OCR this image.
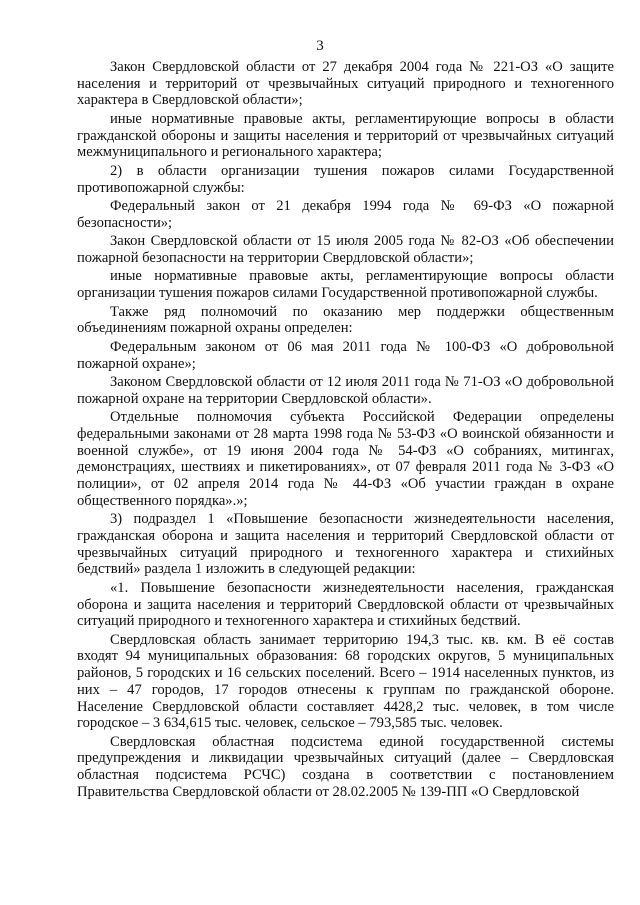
3

Закон Свердловской области от 27 декабря 2004 года № 221-ОЗ «О защите населения и территорий от чрезвычайных ситуаций природного и техногенного характера в Свердловской области»;

иные нормативные правовые акты, регламентирующие вопросы в области гражданской обороны и защиты населения и территорий от чрезвычайных ситуаций межмуниципального и регионального характера;

2) в области организации тушения пожаров силами Государственной противопожарной службы:

Федеральный закон от 21 декабря 1994 года № 69-ФЗ «О пожарной безопасности»;

Закон Свердловской области от 15 июля 2005 года № 82-ОЗ «Об обеспечении пожарной безопасности на территории Свердловской области»;

иные нормативные правовые акты, регламентирующие вопросы области организации тушения пожаров силами Государственной противопожарной службы.

Также ряд полномочий по оказанию мер поддержки общественным объединениям пожарной охраны определен:

Федеральным законом от 06 мая 2011 года № 100-ФЗ «О добровольной пожарной охране»;

Законом Свердловской области от 12 июля 2011 года № 71-ОЗ «О добровольной пожарной охране на территории Свердловской области».

Отдельные полномочия субъекта Российской Федерации определены федеральными законами от 28 марта 1998 года № 53-ФЗ «О воинской обязанности и военной службе», от 19 июня 2004 года № 54-ФЗ «О собраниях, митингах, демонстрациях, шествиях и пикетированиях», от 07 февраля 2011 года № 3-ФЗ «О полиции», от 02 апреля 2014 года № 44-ФЗ «Об участии граждан в охране общественного порядка».»;

3) подраздел 1 «Повышение безопасности жизнедеятельности населения, гражданская оборона и защита населения и территорий Свердловской области от чрезвычайных ситуаций природного и техногенного характера и стихийных бедствий» раздела 1 изложить в следующей редакции:

«1. Повышение безопасности жизнедеятельности населения, гражданская оборона и защита населения и территорий Свердловской области от чрезвычайных ситуаций природного и техногенного характера и стихийных бедствий.

Свердловская область занимает территорию 194,3 тыс. кв. км. В её состав входят 94 муниципальных образования: 68 городских округов, 5 муниципальных районов, 5 городских и 16 сельских поселений. Всего – 1914 населенных пунктов, из них – 47 городов, 17 городов отнесены к группам по гражданской обороне. Население Свердловской области составляет 4428,2 тыс. человек, в том числе городское – 3 634,615 тыс. человек, сельское – 793,585 тыс. человек.

Свердловская областная подсистема единой государственной системы предупреждения и ликвидации чрезвычайных ситуаций (далее – Свердловская областная подсистема РСЧС) создана в соответствии с постановлением Правительства Свердловской области от 28.02.2005 № 139-ПП «О Свердловской
